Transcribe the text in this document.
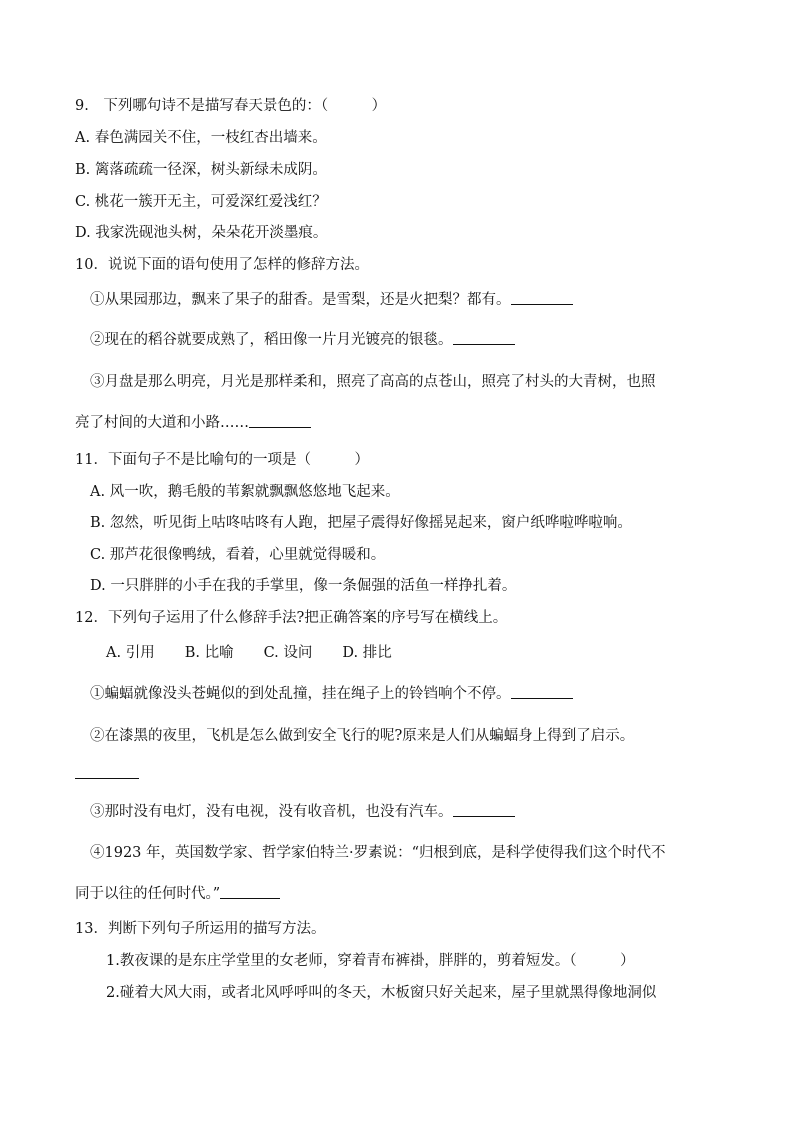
9.　下列哪句诗不是描写春天景色的：（　　　）
A. 春色满园关不住，一枝红杏出墙来。
B. 篱落疏疏一径深，树头新绿未成阴。
C. 桃花一簇开无主，可爱深红爱浅红？
D. 我家洗砚池头树，朵朵花开淡墨痕。
10．说说下面的语句使用了怎样的修辞方法。
①从果园那边，飘来了果子的甜香。是雪梨，还是火把梨？都有。
②现在的稻谷就要成熟了，稻田像一片月光镀亮的银毯。
③月盘是那么明亮，月光是那样柔和，照亮了高高的点苍山，照亮了村头的大青树，也照
亮了村间的大道和小路……
11．下面句子不是比喻句的一项是（　　　）
A. 风一吹，鹅毛般的苇絮就飘飘悠悠地飞起来。
B. 忽然，听见街上咕咚咕咚有人跑，把屋子震得好像摇晃起来，窗户纸哗啦哗啦响。
C. 那芦花很像鸭绒，看着，心里就觉得暖和。
D. 一只胖胖的小手在我的手掌里，像一条倔强的活鱼一样挣扎着。
12．下列句子运用了什么修辞手法?把正确答案的序号写在横线上。
A. 引用 B. 比喻 C. 设问 D. 排比
①蝙蝠就像没头苍蝇似的到处乱撞，挂在绳子上的铃铛响个不停。
②在漆黑的夜里，飞机是怎么做到安全飞行的呢?原来是人们从蝙蝠身上得到了启示。
③那时没有电灯，没有电视，没有收音机，也没有汽车。
④1923 年，英国数学家、哲学家伯特兰·罗素说：“归根到底，是科学使得我们这个时代不
同于以往的任何时代。”
13．判断下列句子所运用的描写方法。
1.教夜课的是东庄学堂里的女老师，穿着青布裤褂，胖胖的，剪着短发。（　　　）
2.碰着大风大雨，或者北风呼呼叫的冬天，木板窗只好关起来，屋子里就黑得像地洞似
